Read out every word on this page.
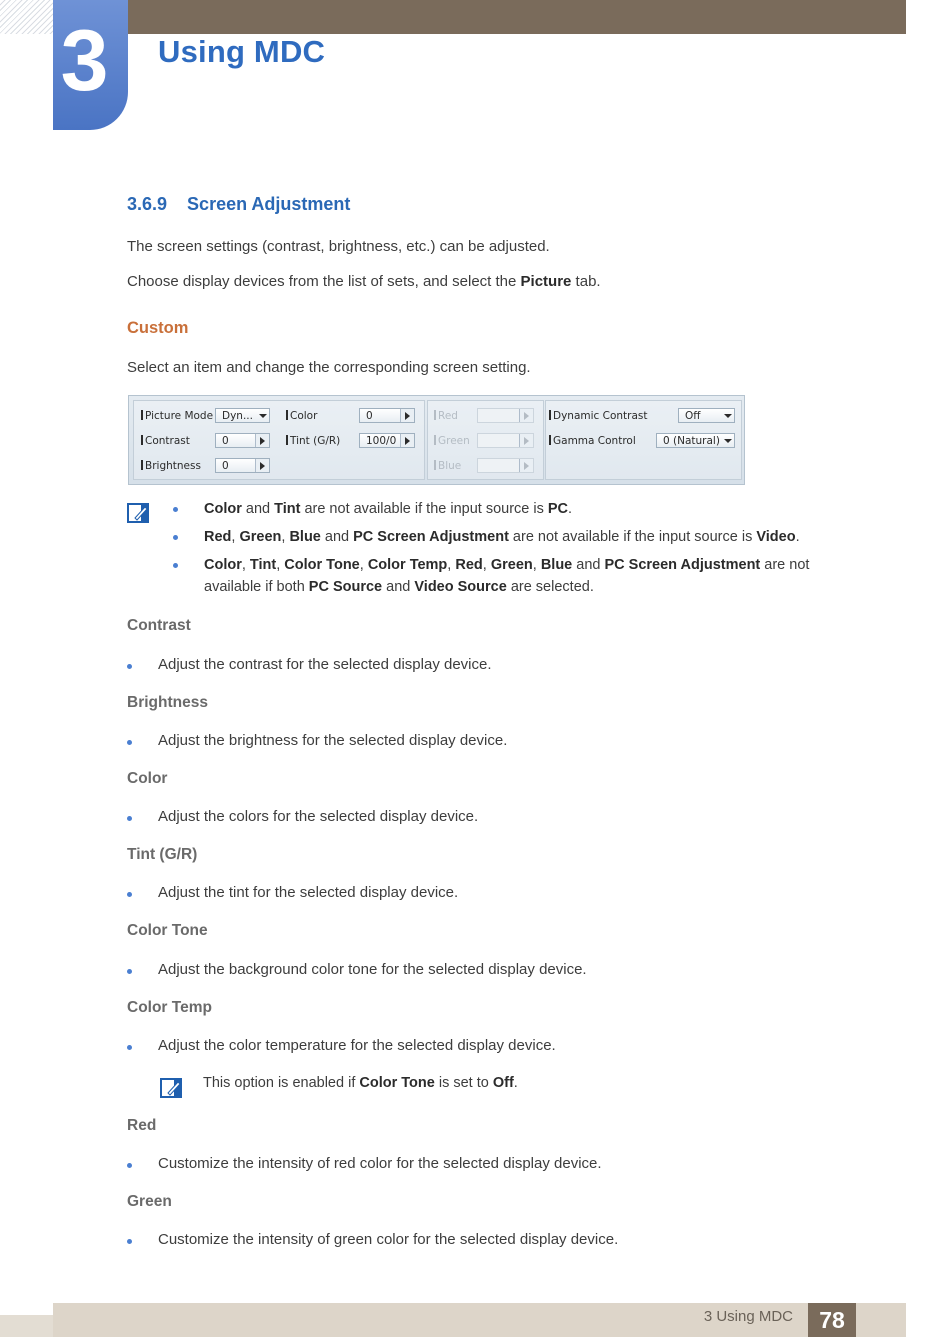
3	Using MDC
3.6.9 Screen Adjustment
The screen settings (contrast, brightness, etc.) can be adjusted.
Choose display devices from the list of sets, and select the Picture tab.
Custom
Select an item and change the corresponding screen setting.
Picture Mode Dyn...
Contrast	0
Brightness	0
Color	0
Tint (G/R)	100/0
Red
Green
Blue
Dynamic Contrast	Off
Gamma Control	0 (Natural)
Color and Tint are not available if the input source is PC.
Red, Green, Blue and PC Screen Adjustment are not available if the input source is Video.
Color, Tint, Color Tone, Color Temp, Red, Green, Blue and PC Screen Adjustment are not available if both PC Source and Video Source are selected.
Contrast
Adjust the contrast for the selected display device.
Brightness
Adjust the brightness for the selected display device.
Color
Adjust the colors for the selected display device.
Tint (G/R)
Adjust the tint for the selected display device.
Color Tone
Adjust the background color tone for the selected display device.
Color Temp
Adjust the color temperature for the selected display device.
This option is enabled if Color Tone is set to Off.
Red
Customize the intensity of red color for the selected display device.
Green
Customize the intensity of green color for the selected display device.
3 Using MDC	78
